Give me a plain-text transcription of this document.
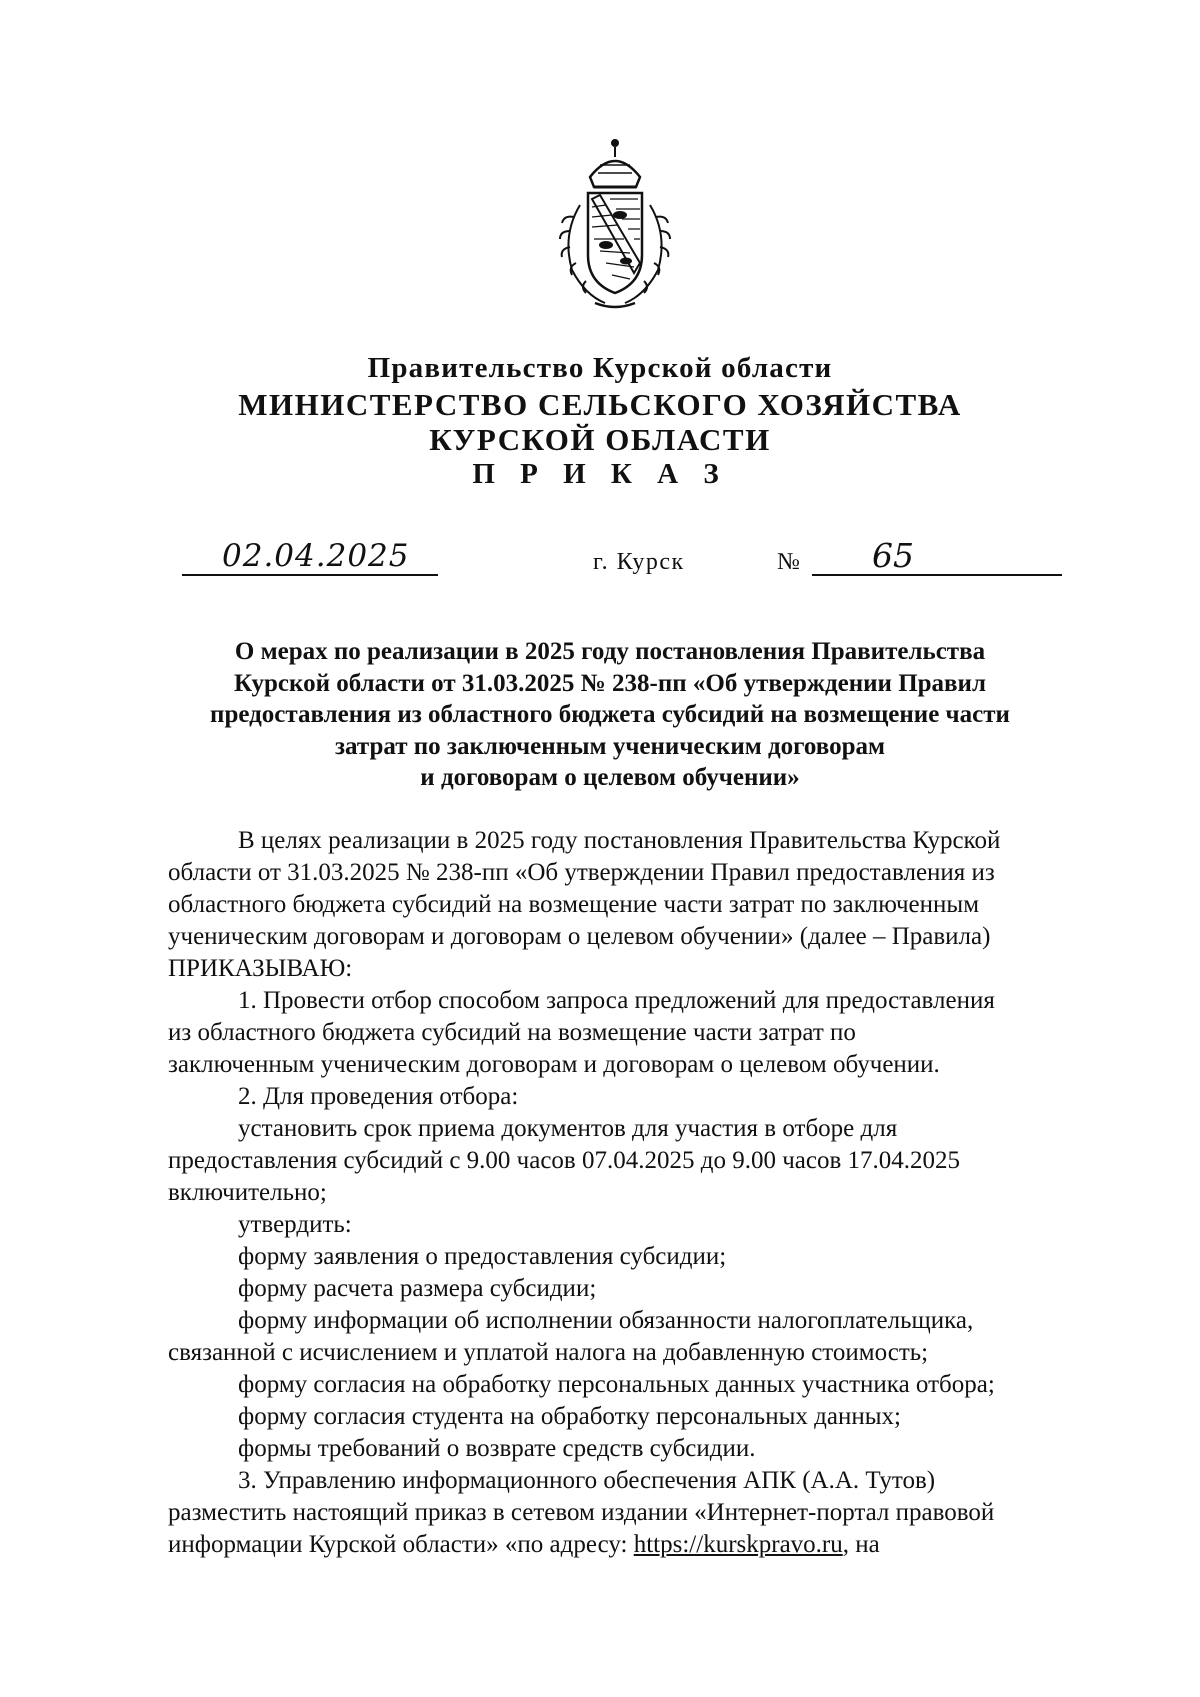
Правительство Курской области
МИНИСТЕРСТВО СЕЛЬСКОГО ХОЗЯЙСТВА
КУРСКОЙ ОБЛАСТИ
П Р И К А З
02.04.2025	г. Курск	№ 65
О мерах по реализации в 2025 году постановления Правительства
Курской области от 31.03.2025 № 238-пп «Об утверждении Правил
предоставления из областного бюджета субсидий на возмещение части
затрат по заключенным ученическим договорам
и договорам о целевом обучении»
В целях реализации в 2025 году постановления Правительства Курской
области от 31.03.2025 № 238-пп «Об утверждении Правил предоставления из
областного бюджета субсидий на возмещение части затрат по заключенным
ученическим договорам и договорам о целевом обучении» (далее – Правила)
ПРИКАЗЫВАЮ:
1. Провести отбор способом запроса предложений для предоставления
из областного бюджета субсидий на возмещение части затрат по
заключенным ученическим договорам и договорам о целевом обучении.
2. Для проведения отбора:
установить срок приема документов для участия в отборе для
предоставления субсидий с 9.00 часов 07.04.2025 до 9.00 часов 17.04.2025
включительно;
утвердить:
форму заявления о предоставления субсидии;
форму расчета размера субсидии;
форму информации об исполнении обязанности налогоплательщика,
связанной с исчислением и уплатой налога на добавленную стоимость;
форму согласия на обработку персональных данных участника отбора;
форму согласия студента на обработку персональных данных;
формы требований о возврате средств субсидии.
3. Управлению информационного обеспечения АПК (А.А. Тутов)
разместить настоящий приказ в сетевом издании «Интернет-портал правовой
информации Курской области» «по адресу: https://kurskpravo.ru, на
